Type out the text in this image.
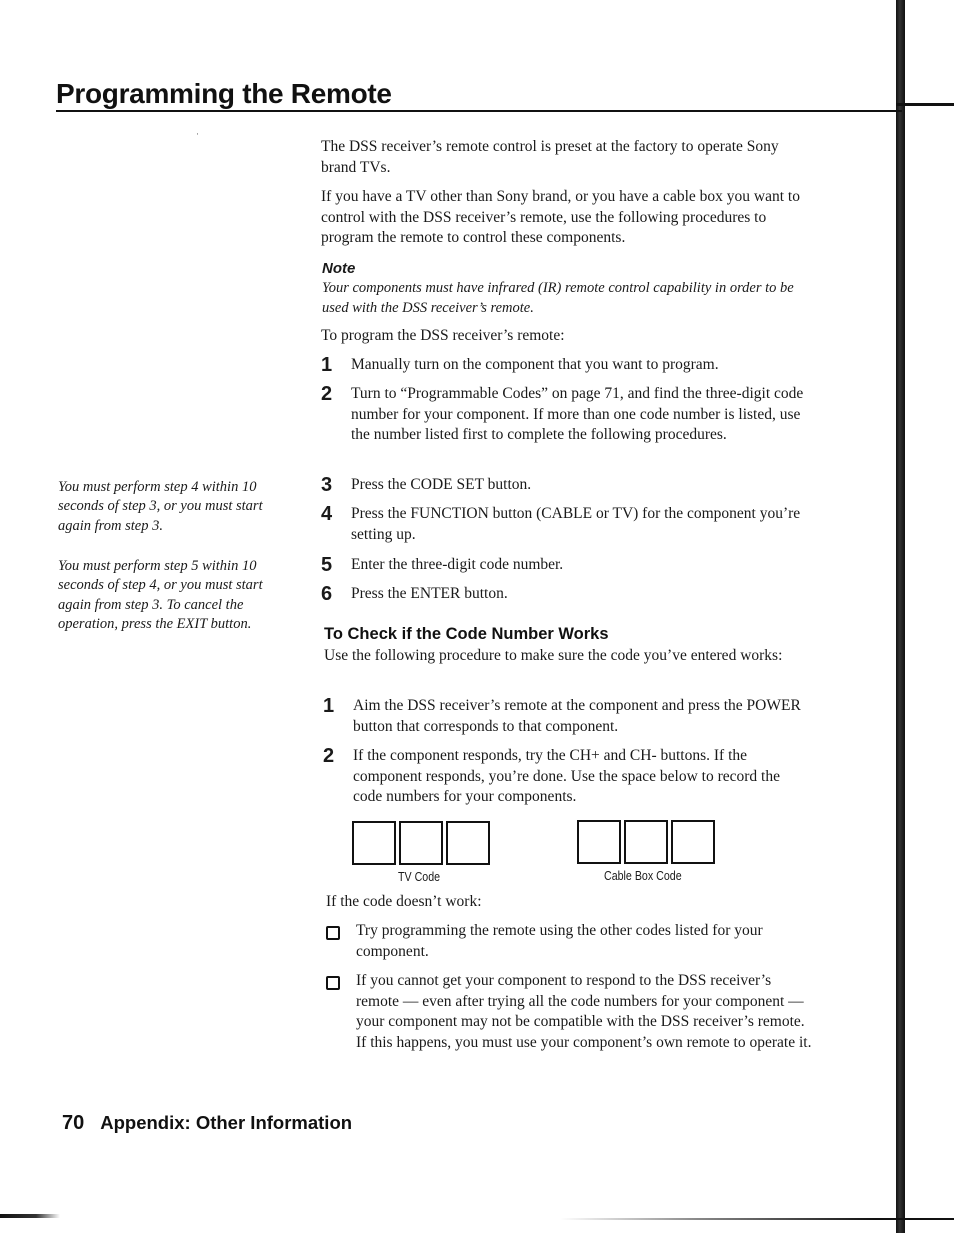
·
Programming the Remote

The DSS receiver’s remote control is preset at the factory to operate Sony brand TVs.

If you have a TV other than Sony brand, or you have a cable box you want to control with the DSS receiver’s remote, use the following procedures to program the remote to control these components.

Note

Your components must have infrared (IR) remote control capability in order to be used with the DSS receiver’s remote.

To program the DSS receiver’s remote:

1	Manually turn on the component that you want to program.
2	Turn to “Programmable Codes” on page 71, and find the three-digit code number for your component. If more than one code number is listed, use the number listed first to complete the following procedures.
3	Press the CODE SET button.
4	Press the FUNCTION button (CABLE or TV) for the component you’re setting up.
5	Enter the three-digit code number.
6	Press the ENTER button.

You must perform step 4 within 10 seconds of step 3, or you must start again from step 3.

You must perform step 5 within 10 seconds of step 4, or you must start again from step 3. To cancel the operation, press the EXIT button.

To Check if the Code Number Works

Use the following procedure to make sure the code you’ve entered works:

1	Aim the DSS receiver’s remote at the component and press the POWER button that corresponds to that component.
2	If the component responds, try the CH+ and CH- buttons. If the component responds, you’re done. Use the space below to record the code numbers for your components.
TV Code	Cable Box Code

If the code doesn’t work:

Try programming the remote using the other codes listed for your component.
If you cannot get your component to respond to the DSS receiver’s remote — even after trying all the code numbers for your component — your component may not be compatible with the DSS receiver’s remote. If this happens, you must use your component’s own remote to operate it.
70 Appendix: Other Information
